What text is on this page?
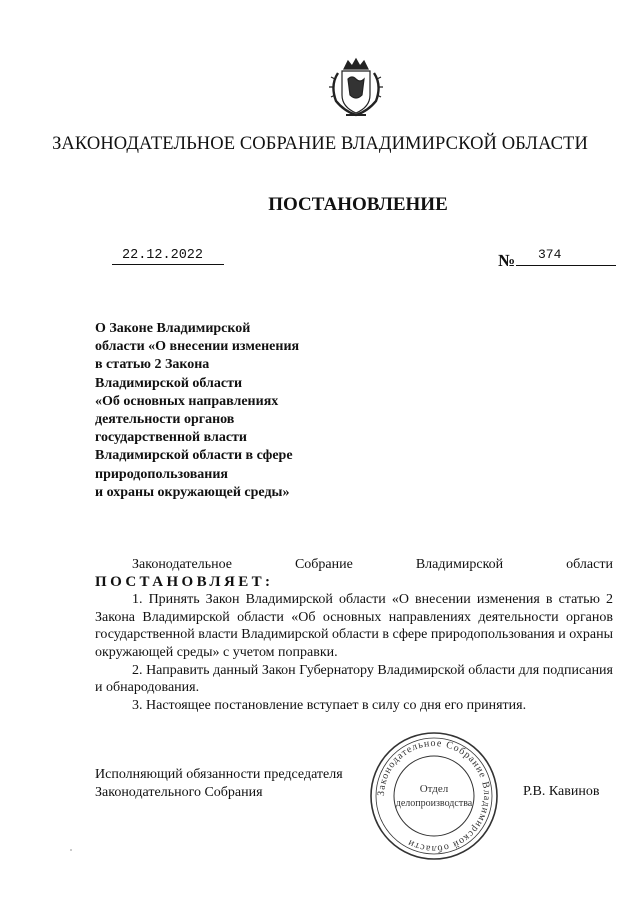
ЗАКОНОДАТЕЛЬНОЕ СОБРАНИЕ ВЛАДИМИРСКОЙ ОБЛАСТИ
ПОСТАНОВЛЕНИЕ
22.12.2022	№ 374
О Законе Владимирской
области «О внесении изменения
в статью 2 Закона
Владимирской области
«Об основных направлениях
деятельности органов
государственной власти
Владимирской области в сфере
природопользования
и охраны окружающей среды»
Законодательное	Собрание	Владимирской	области
ПОСТАНОВЛЯЕТ:

1. Принять Закон Владимирской области «О внесении изменения в статью 2 Закона Владимирской области «Об основных направлениях деятельности органов государственной власти Владимирской области в сфере природопользования и охраны окружающей среды» с учетом поправки.

2. Направить данный Закон Губернатору Владимирской области для подписания и обнародования.

3. Настоящее постановление вступает в силу со дня его принятия.

Исполняющий обязанности председателя
Законодательного Собрания	Р.В. Кавинов
Законодательное Собрание Владимирской области
Отдел
делопроизводства
